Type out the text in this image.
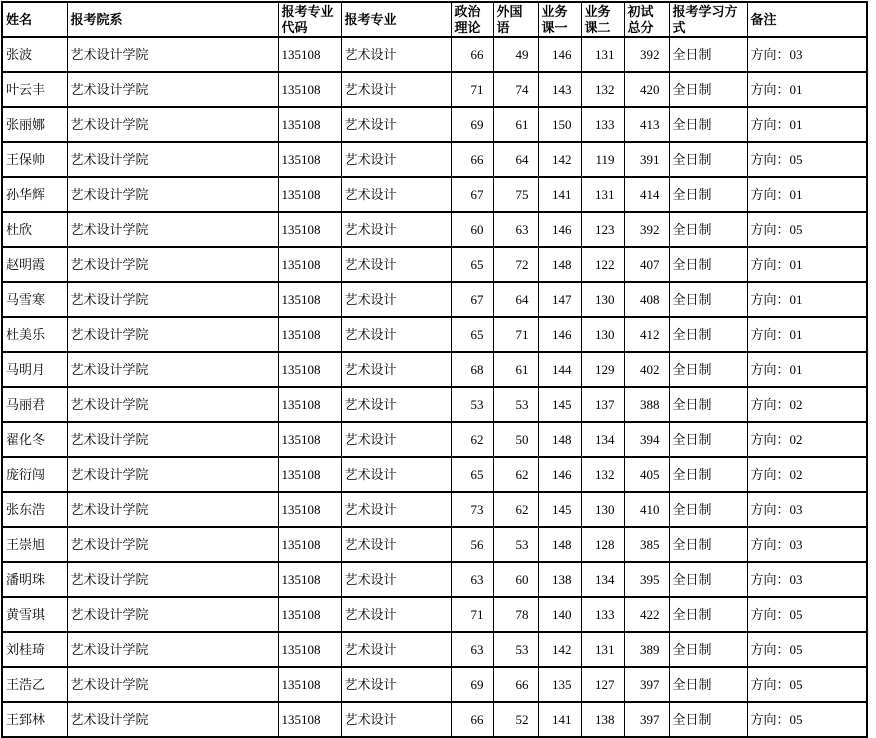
姓名	报考院系	报考专业代码	报考专业	政治理论	外国语	业务课一	业务课二	初试总分	报考学习方式	备注
张波	艺术设计学院	135108	艺术设计	66	49	146	131	392	全日制	方向：03
叶云丰	艺术设计学院	135108	艺术设计	71	74	143	132	420	全日制	方向：01
张丽娜	艺术设计学院	135108	艺术设计	69	61	150	133	413	全日制	方向：01
王保帅	艺术设计学院	135108	艺术设计	66	64	142	119	391	全日制	方向：05
孙华辉	艺术设计学院	135108	艺术设计	67	75	141	131	414	全日制	方向：01
杜欣	艺术设计学院	135108	艺术设计	60	63	146	123	392	全日制	方向：05
赵明霞	艺术设计学院	135108	艺术设计	65	72	148	122	407	全日制	方向：01
马雪寒	艺术设计学院	135108	艺术设计	67	64	147	130	408	全日制	方向：01
杜美乐	艺术设计学院	135108	艺术设计	65	71	146	130	412	全日制	方向：01
马明月	艺术设计学院	135108	艺术设计	68	61	144	129	402	全日制	方向：01
马丽君	艺术设计学院	135108	艺术设计	53	53	145	137	388	全日制	方向：02
翟化冬	艺术设计学院	135108	艺术设计	62	50	148	134	394	全日制	方向：02
庞衍闯	艺术设计学院	135108	艺术设计	65	62	146	132	405	全日制	方向：02
张东浩	艺术设计学院	135108	艺术设计	73	62	145	130	410	全日制	方向：03
王崇旭	艺术设计学院	135108	艺术设计	56	53	148	128	385	全日制	方向：03
潘明珠	艺术设计学院	135108	艺术设计	63	60	138	134	395	全日制	方向：03
黄雪琪	艺术设计学院	135108	艺术设计	71	78	140	133	422	全日制	方向：05
刘桂琦	艺术设计学院	135108	艺术设计	63	53	142	131	389	全日制	方向：05
王浩乙	艺术设计学院	135108	艺术设计	69	66	135	127	397	全日制	方向：05
王郅林	艺术设计学院	135108	艺术设计	66	52	141	138	397	全日制	方向：05
